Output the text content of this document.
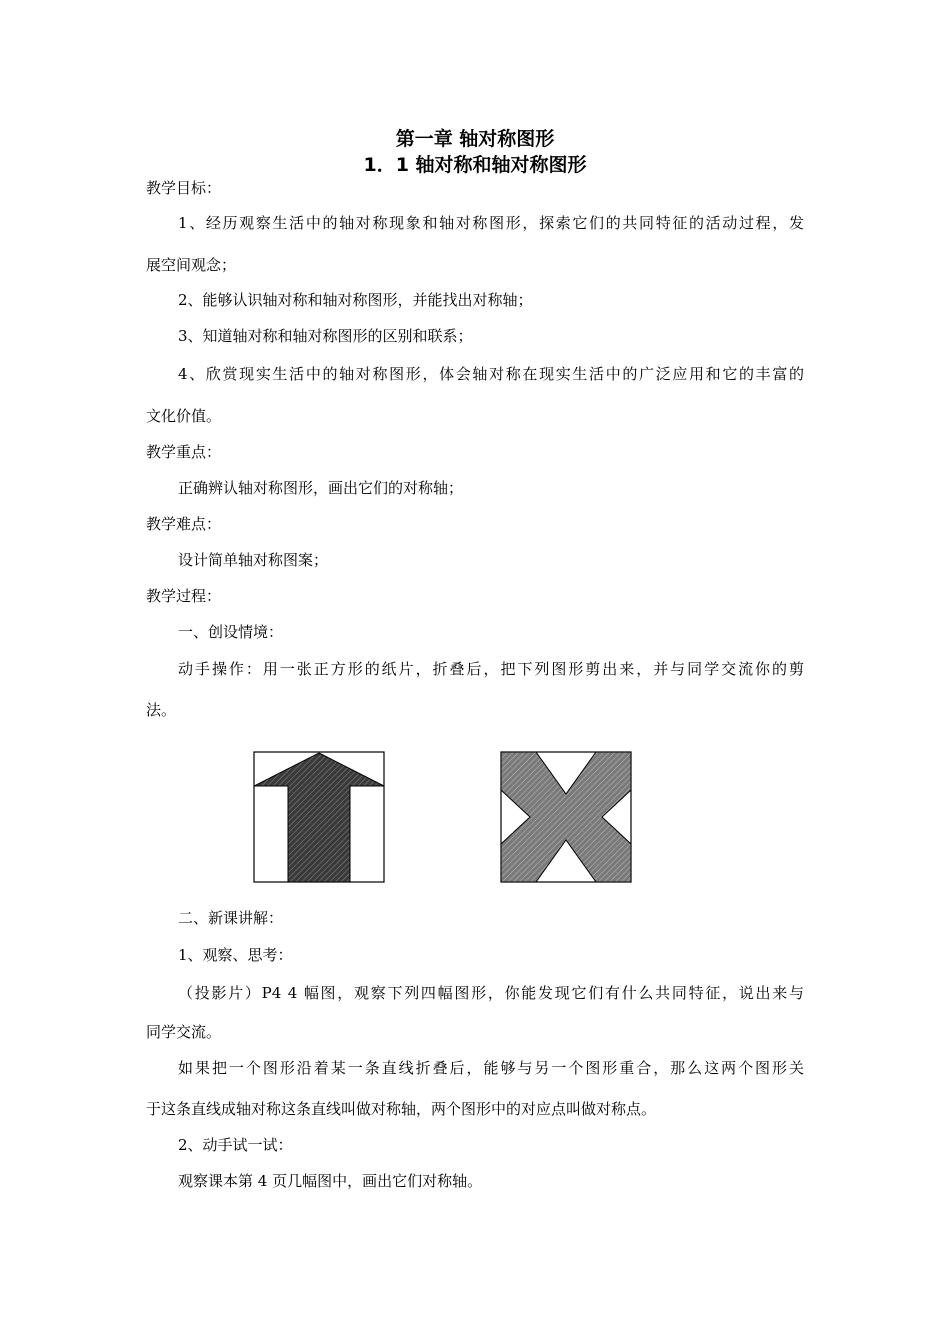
第一章 轴对称图形
1．1 轴对称和轴对称图形
教学目标：
1、经历观察生活中的轴对称现象和轴对称图形，探索它们的共同特征的活动过程，发
展空间观念；
2、能够认识轴对称和轴对称图形，并能找出对称轴；
3、知道轴对称和轴对称图形的区别和联系；
4、欣赏现实生活中的轴对称图形，体会轴对称在现实生活中的广泛应用和它的丰富的
文化价值。
教学重点：
正确辨认轴对称图形，画出它们的对称轴；
教学难点：
设计简单轴对称图案；
教学过程：
一、创设情境：
动手操作：用一张正方形的纸片，折叠后，把下列图形剪出来，并与同学交流你的剪
法。
二、新课讲解：
1、观察、思考：
（投影片）P4 4 幅图，观察下列四幅图形，你能发现它们有什么共同特征，说出来与
同学交流。
如果把一个图形沿着某一条直线折叠后，能够与另一个图形重合，那么这两个图形关
于这条直线成轴对称这条直线叫做对称轴，两个图形中的对应点叫做对称点。
2、动手试一试：
观察课本第 4 页几幅图中，画出它们对称轴。
